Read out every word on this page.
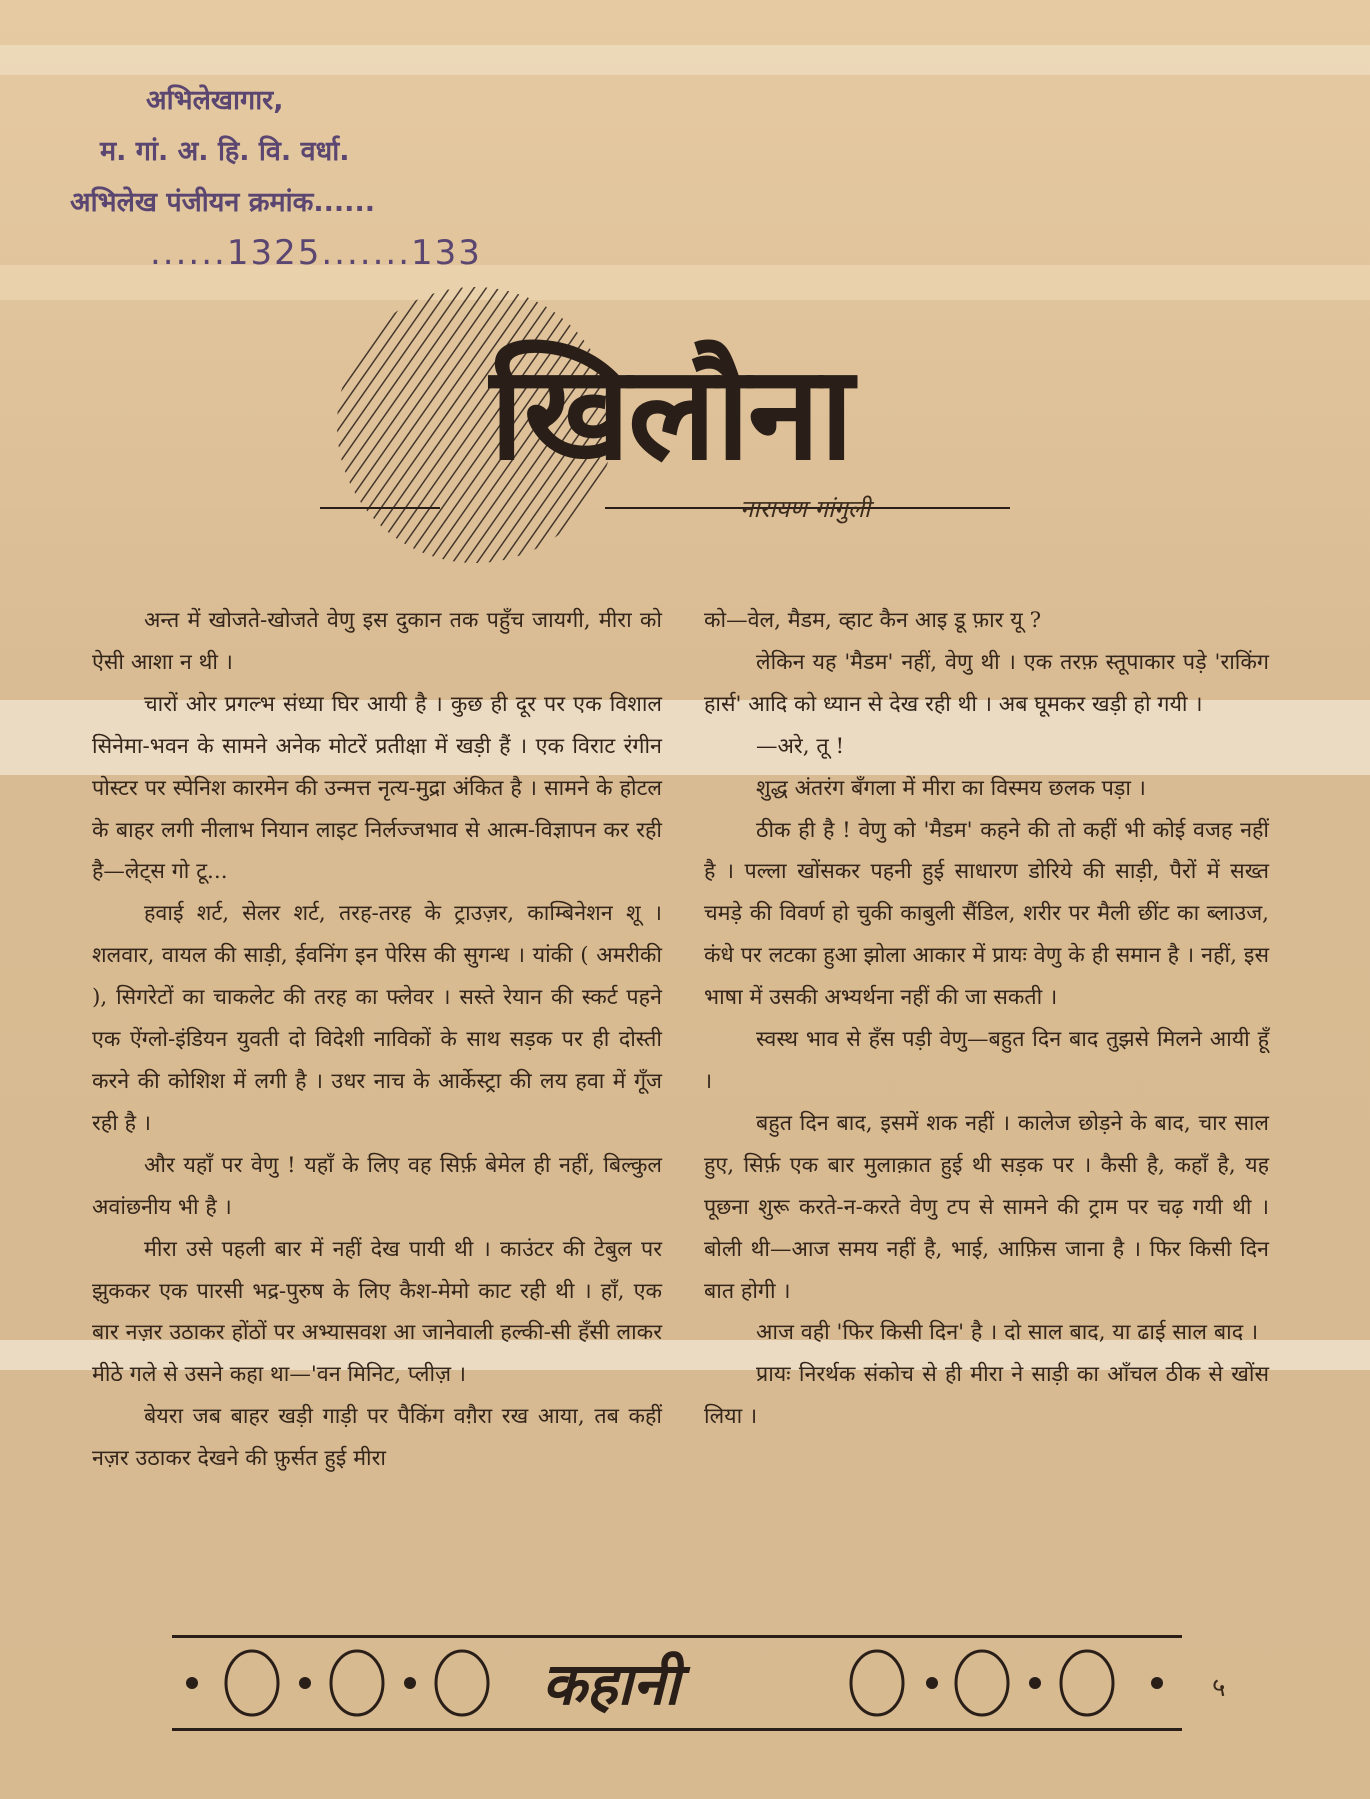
अभिलेखागार,
म. गां. अ. हि. वि. वर्धा.
अभिलेख पंजीयन क्रमांक......
......1325.......133
खिलौना
नारायण गांगुली

अन्त में खोजते-खोजते वेणु इस दुकान तक पहुँच जायगी, मीरा को ऐसी आशा न थी ।

चारों ओर प्रगल्भ संध्या घिर आयी है । कुछ ही दूर पर एक विशाल सिनेमा-भवन के सामने अनेक मोटरें प्रतीक्षा में खड़ी हैं । एक विराट रंगीन पोस्टर पर स्पेनिश कारमेन की उन्मत्त नृत्य-मुद्रा अंकित है । सामने के होटल के बाहर लगी नीलाभ नियान लाइट निर्लज्जभाव से आत्म-विज्ञापन कर रही है—लेट्स गो टू...

हवाई शर्ट, सेलर शर्ट, तरह-तरह के ट्राउज़र, काम्बिनेशन शू । शलवार, वायल की साड़ी, ईवनिंग इन पेरिस की सुगन्ध । यांकी ( अमरीकी ), सिगरेटों का चाकलेट की तरह का फ्लेवर । सस्ते रेयान की स्कर्ट पहने एक ऐंग्लो-इंडियन युवती दो विदेशी नाविकों के साथ सड़क पर ही दोस्ती करने की कोशिश में लगी है । उधर नाच के आर्केस्ट्रा की लय हवा में गूँज रही है ।

और यहाँ पर वेणु ! यहाँ के लिए वह सिर्फ़ बेमेल ही नहीं, बिल्कुल अवांछनीय भी है ।

मीरा उसे पहली बार में नहीं देख पायी थी । काउंटर की टेबुल पर झुककर एक पारसी भद्र-पुरुष के लिए कैश-मेमो काट रही थी । हाँ, एक बार नज़र उठाकर होंठों पर अभ्यासवश आ जानेवाली हल्की-सी हँसी लाकर मीठे गले से उसने कहा था—'वन मिनिट, प्लीज़ ।

बेयरा जब बाहर खड़ी गाड़ी पर पैकिंग वग़ैरा रख आया, तब कहीं नज़र उठाकर देखने की फ़ुर्सत हुई मीरा

को—वेल, मैडम, व्हाट कैन आइ डू फ़ार यू ?

लेकिन यह 'मैडम' नहीं, वेणु थी । एक तरफ़ स्तूपाकार पड़े 'राकिंग हार्स' आदि को ध्यान से देख रही थी । अब घूमकर खड़ी हो गयी ।

—अरे, तू !

शुद्ध अंतरंग बँगला में मीरा का विस्मय छलक पड़ा ।

ठीक ही है ! वेणु को 'मैडम' कहने की तो कहीं भी कोई वजह नहीं है । पल्ला खोंसकर पहनी हुई साधारण डोरिये की साड़ी, पैरों में सख्त चमड़े की विवर्ण हो चुकी काबुली सैंडिल, शरीर पर मैली छींट का ब्लाउज, कंधे पर लटका हुआ झोला आकार में प्रायः वेणु के ही समान है । नहीं, इस भाषा में उसकी अभ्यर्थना नहीं की जा सकती ।

स्वस्थ भाव से हँस पड़ी वेणु—बहुत दिन बाद तुझसे मिलने आयी हूँ ।

बहुत दिन बाद, इसमें शक नहीं । कालेज छोड़ने के बाद, चार साल हुए, सिर्फ़ एक बार मुलाक़ात हुई थी सड़क पर । कैसी है, कहाँ है, यह पूछना शुरू करते-न-करते वेणु टप से सामने की ट्राम पर चढ़ गयी थी । बोली थी—आज समय नहीं है, भाई, आफ़िस जाना है । फिर किसी दिन बात होगी ।

आज वही 'फिर किसी दिन' है । दो साल बाद, या ढाई साल बाद ।

प्रायः निरर्थक संकोच से ही मीरा ने साड़ी का आँचल ठीक से खोंस लिया ।

कहानी	५
